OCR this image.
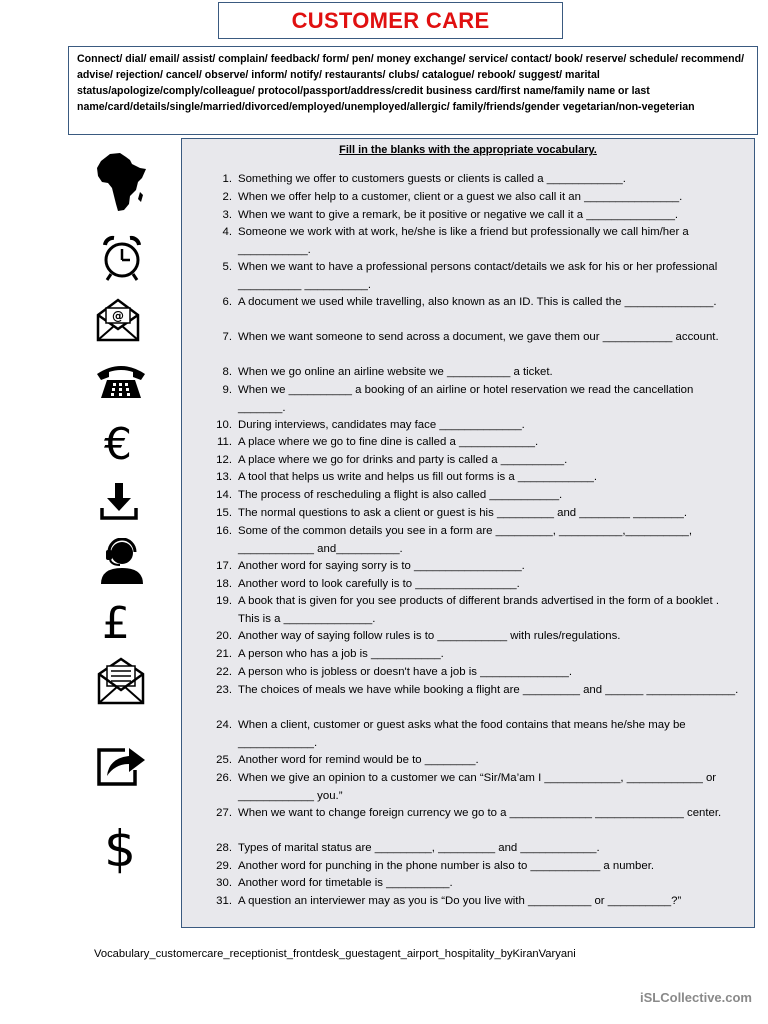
CUSTOMER CARE
Connect/ dial/ email/ assist/ complain/ feedback/ form/ pen/ money exchange/ service/ contact/ book/ reserve/ schedule/ recommend/ advise/ rejection/ cancel/ observe/ inform/ notify/ restaurants/ clubs/ catalogue/ rebook/ suggest/ marital status/apologize/comply/colleague/ protocol/passport/address/credit business card/first name/family name or last name/card/details/single/married/divorced/employed/unemployed/allergic/ family/friends/gender vegetarian/non-vegeterian
@
€
£
$
Fill in the blanks with the appropriate vocabulary.
1. Something we offer to customers guests or clients is called a ____________.
2. When we offer help to a customer, client or a guest we also call it an _______________.
3. When we want to give a remark, be it positive or negative we call it a ______________.
4. Someone we work with at work, he/she is like a friend but professionally we call him/her a ___________.
5. When we want to have a professional persons contact/details we ask for his or her professional __________ __________.
6. A document we used while travelling, also known as an ID. This is called the ______________.
7. When we want someone to send across a document, we gave them our ___________ account.
8. When we go online an airline website we __________ a ticket.
9. When we __________ a booking of an airline or hotel reservation we read the cancellation _______.
10. During interviews, candidates may face _____________.
11. A place where we go to fine dine is called a ____________.
12. A place where we go for drinks and party is called a __________.
13. A tool that helps us write and helps us fill out forms is a ____________.
14. The process of rescheduling a flight is also called ___________.
15. The normal questions to ask a client or guest is his _________ and ________ ________.
16. Some of the common details you see in a form are _________, __________,__________, ____________ and__________.
17. Another word for saying sorry is to _________________.
18. Another word to look carefully is to ________________.
19. A book that is given for you see products of different brands advertised in the form of a booklet . This is a ______________.
20. Another way of saying follow rules is to ___________ with rules/regulations.
21. A person who has a job is ___________.
22. A person who is jobless or doesn't have a job is ______________.
23. The choices of meals we have while booking a flight are _________ and ______ ______________.
24. When a client, customer or guest asks what the food contains that means he/she may be ____________.
25. Another word for remind would be to ________.
26. When we give an opinion to a customer we can “Sir/Ma’am I ____________, ____________ or ____________ you.”
27. When we want to change foreign currency we go to a _____________ ______________ center.
28. Types of marital status are _________, _________ and ____________.
29. Another word for punching in the phone number is also to ___________ a number.
30. Another word for timetable is __________.
31. A question an interviewer may as you is “Do you live with __________ or __________?”
Vocabulary_customercare_receptionist_frontdesk_guestagent_airport_hospitality_byKiranVaryani
iSLCollective.com
